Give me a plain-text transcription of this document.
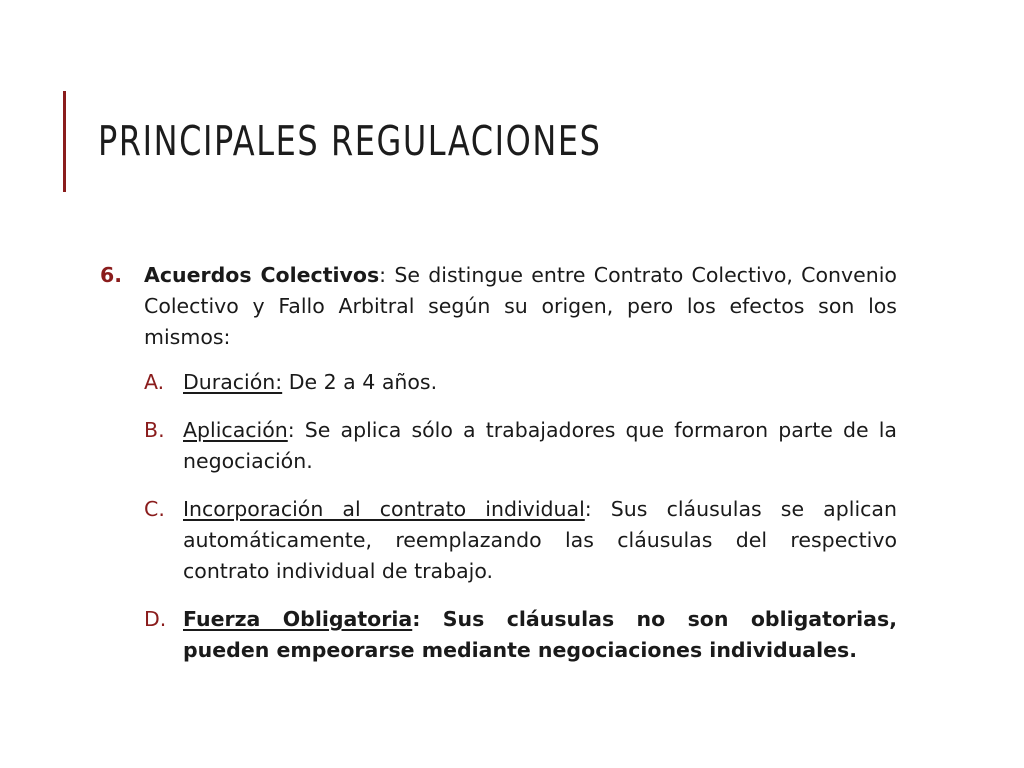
PRINCIPALES REGULACIONES
6.	Acuerdos Colectivos: Se distingue entre Contrato Colectivo, Convenio Colectivo y Fallo Arbitral según su origen, pero los efectos son los mismos:
A. Duración: De 2 a 4 años.
B. Aplicación: Se aplica sólo a trabajadores que formaron parte de la negociación.
C. Incorporación al contrato individual: Sus cláusulas se aplican automáticamente, reemplazando las cláusulas del respectivo contrato individual de trabajo.
D. Fuerza Obligatoria: Sus cláusulas no son obligatorias, pueden empeorarse mediante negociaciones individuales.
